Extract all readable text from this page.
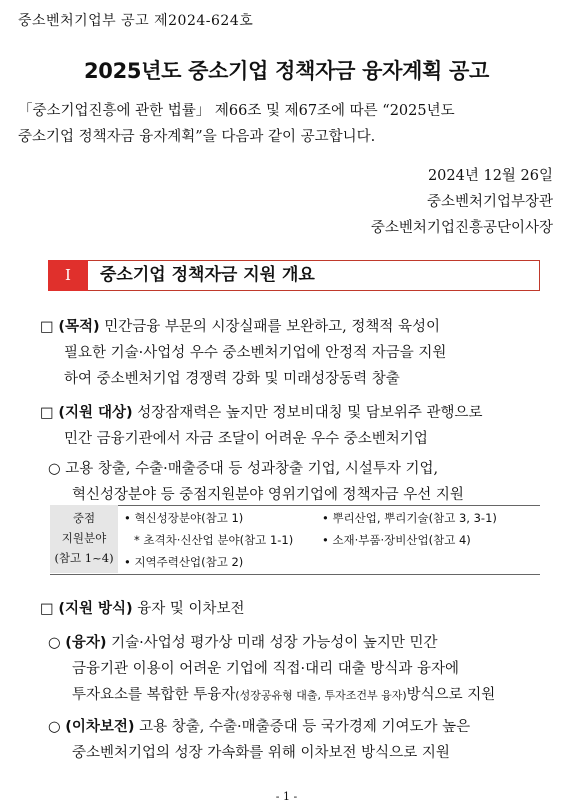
중소벤처기업부 공고 제2024-624호
2025년도 중소기업 정책자금 융자계획 공고
「중소기업진흥에 관한 법률」 제66조 및 제67조에 따른 “2025년도
중소기업 정책자금 융자계획”을 다음과 같이 공고합니다.
2024년 12월 26일
중소벤처기업부장관
중소벤처기업진흥공단이사장
Ⅰ	중소기업 정책자금 지원 개요
□ (목적) 민간금융 부문의 시장실패를 보완하고, 정책적 육성이
필요한 기술·사업성 우수 중소벤처기업에 안정적 자금을 지원
하여 중소벤처기업 경쟁력 강화 및 미래성장동력 창출
□ (지원 대상) 성장잠재력은 높지만 정보비대칭 및 담보위주 관행으로
민간 금융기관에서 자금 조달이 어려운 우수 중소벤처기업
○ 고용 창출, 수출·매출증대 등 성과창출 기업, 시설투자 기업,
혁신성장분야 등 중점지원분야 영위기업에 정책자금 우선 지원
중점
지원분야
(참고 1~4)
• 혁신성장분야(참고 1)
* 초격차·신산업 분야(참고 1-1)
• 지역주력산업(참고 2)
• 뿌리산업, 뿌리기술(참고 3, 3-1)
• 소재·부품·장비산업(참고 4)
□ (지원 방식) 융자 및 이차보전
○ (융자) 기술·사업성 평가상 미래 성장 가능성이 높지만 민간
금융기관 이용이 어려운 기업에 직접·대리 대출 방식과 융자에
투자요소를 복합한 투융자(성장공유형 대출, 투자조건부 융자)방식으로 지원
○ (이차보전) 고용 창출, 수출·매출증대 등 국가경제 기여도가 높은
중소벤처기업의 성장 가속화를 위해 이차보전 방식으로 지원
- 1 -
